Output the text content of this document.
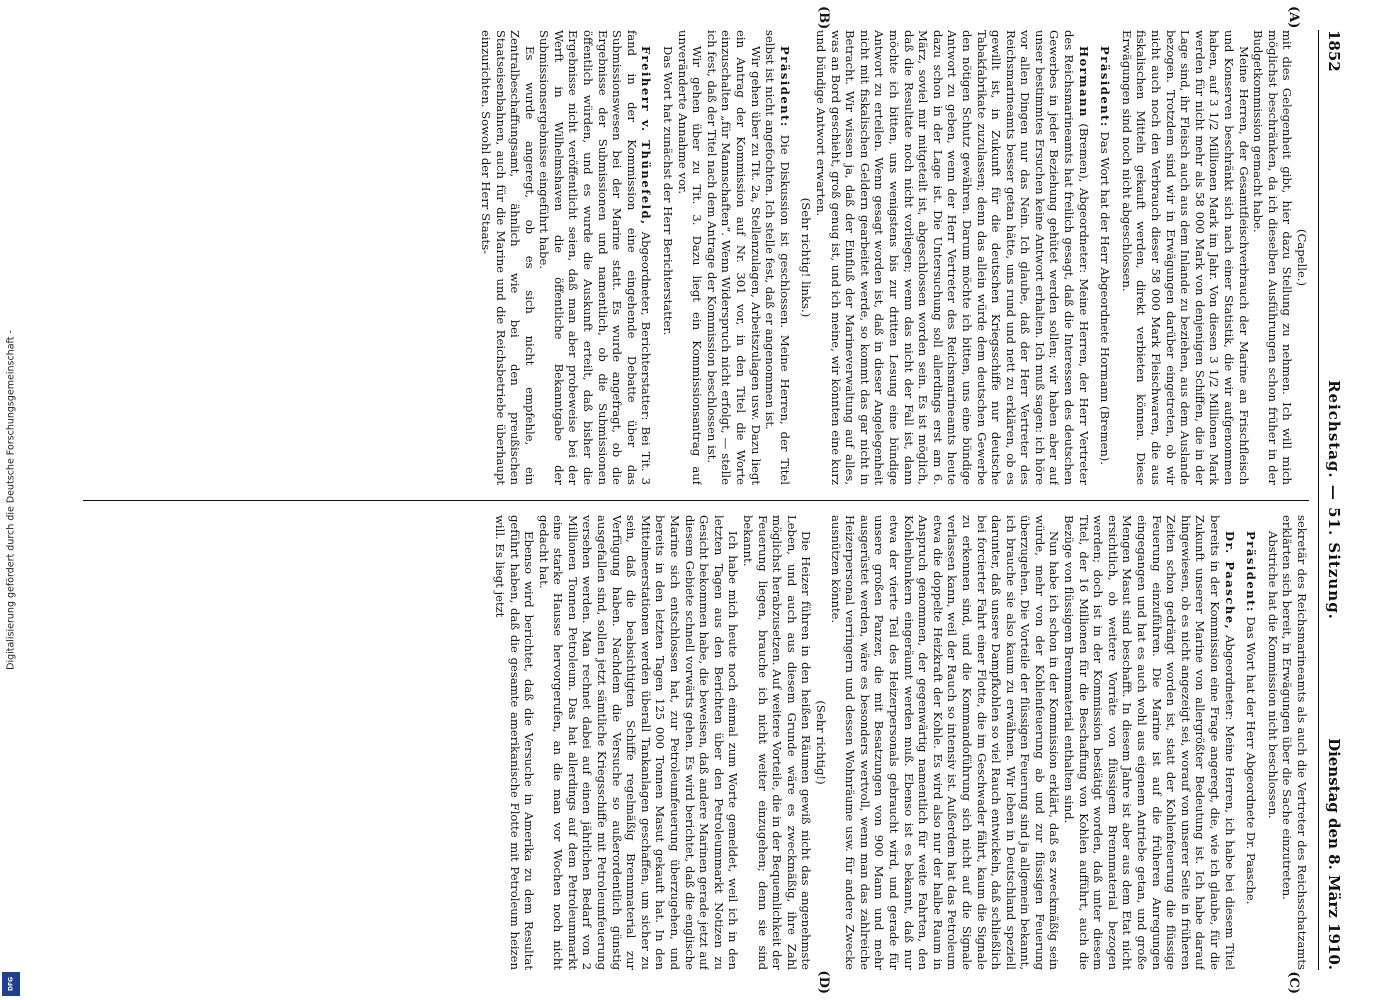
Digitalisierung gefördert durch die Deutsche Forschungsgemeinschaft -
DFG
1852
Reichstag. — 51. Sitzung.
Dienstag den 8. März 1910.
(A)
(B)
(C)
(D)

(Capelle.)

mit dies Gelegenheit gibt, hier dazu Stellung zu nehmen. Ich will mich möglichst beschränken, da ich dieselben Ausführungen schon früher in der Budgetkommission gemacht habe.

Meine Herren, der Gesamtfleischverbrauch der Marine an Frischfleisch und Konserven beschränkt sich nach einer Statistik, die wir aufgenommen haben, auf 3 1/2 Millionen Mark im Jahr. Von diesen 3 1/2 Millionen Mark werden für nicht mehr als 58 000 Mark von denjenigen Schiffen, die in der Lage sind, ihr Fleisch auch aus dem Inlande zu beziehen, aus dem Auslande bezogen. Trotzdem sind wir in Erwägungen darüber eingetreten, ob wir nicht auch noch den Verbrauch dieser 58 000 Mark Fleischwaren, die aus fiskalischen Mitteln gekauft werden, direkt verbieten können. Diese Erwägungen sind noch nicht abgeschlossen.

Präsident: Das Wort hat der Herr Abgeordnete Hormann (Bremen).

Hormann (Bremen), Abgeordneter: Meine Herren, der Herr Vertreter des Reichsmarineamts hat freilich gesagt, daß die Interessen des deutschen Gewerbes in jeder Beziehung gehütet werden sollen; wir haben aber auf unser bestimmtes Ersuchen keine Antwort erhalten. Ich muß sagen: ich höre vor allen Dingen nur das Nein. Ich glaube, daß der Herr Vertreter des Reichsmarineamts besser getan hätte, uns rund und nett zu erklären, ob es gewillt ist, in Zukunft für die deutschen Kriegsschiffe nur deutsche Tabakfabrikate zuzulassen; denn das allein würde dem deutschen Gewerbe den nötigen Schutz gewähren. Darum möchte ich bitten, uns eine bündige Antwort zu geben, wenn der Herr Vertreter des Reichsmarineamts heute dazu schon in der Lage ist. Die Untersuchung soll allerdings erst am 6. März, soviel mir mitgeteilt ist, abgeschlossen worden sein. Es ist möglich, daß die Resultate noch nicht vorliegen; wenn das nicht der Fall ist, dann möchte ich bitten, uns wenigstens bis zur dritten Lesung eine bündige Antwort zu erteilen. Wenn gesagt worden ist, daß in dieser Angelegenheit nicht mit fiskalischen Geldern gearbeitet werde, so kommt das gar nicht in Betracht. Wir wissen ja, daß der Einfluß der Marineverwaltung auf alles, was an Bord geschieht, groß genug ist, und ich meine, wir könnten eine kurz und bündige Antwort erwarten.

(Sehr richtig! links.)

Präsident: Die Diskussion ist geschlossen. Meine Herren, der Titel selbst ist nicht angefochten. Ich stelle fest, daß er angenommen ist.

Wir gehen über zu Tit. 2a, Stellenzulagen, Arbeitszulagen usw. Dazu liegt ein Antrag der Kommission auf Nr. 301 vor, in den Titel die Worte einzuschalten „für Mannschaften“. Wenn Widerspruch nicht erfolgt, — stelle ich fest, daß der Titel nach dem Antrage der Kommission beschlossen ist.

Wir gehen über zu Tit. 3. Dazu liegt ein Kommissionsantrag auf unveränderte Annahme vor.

Das Wort hat zunächst der Herr Berichterstatter.

Freiherr v. Thünefeld, Abgeordneter, Berichterstatter: Bei Tit. 3 fand in der Kommission eine eingehende Debatte über das Submissionswesen bei der Marine statt. Es wurde angefragt, ob die Ergebnisse der Submissionen und namentlich, ob die Submissionen öffentlich würden, und es wurde die Auskunft erteilt, daß bisher die Ergebnisse nicht veröffentlicht seien, daß man aber probeweise bei der Werft in Wilhelmshaven die öffentliche Bekanntgabe der Submissionsergebnisse eingeführt habe.

Es wurde angeregt, ob es sich nicht empfehle, ein Zentralbeschaffungsamt, ähnlich wie bei den preußischen Staatseisenbahnen, auch für die Marine und die Reichsbetriebe überhaupt einzurichten. Sowohl der Herr Staats-

sekretär des Reichsmarineamts als auch die Vertreter des Reichsschatzamts erklärten sich bereit, in Erwägungen über die Sache einzutreten.

Abstriche hat die Kommission nicht beschlossen.

Präsident: Das Wort hat der Herr Abgeordnete Dr. Paasche.

Dr. Paasche, Abgeordneter: Meine Herren, ich habe bei diesem Titel bereits in der Kommission eine Frage angeregt, die, wie ich glaube, für die Zukunft unserer Marine von allergrößter Bedeutung ist. Ich habe darauf hingewiesen, ob es nicht angezeigt sei, worauf von unserer Seite in früheren Zeiten schon gedrängt worden ist, statt der Kohlenfeuerung die flüssige Feuerung einzuführen. Die Marine ist auf die früheren Anregungen eingegangen und hat es auch wohl aus eigenem Antriebe getan, und große Mengen Masut sind beschafft. In diesem Jahre ist aber aus dem Etat nicht ersichtlich, ob weitere Vorräte von flüssigem Brennmaterial bezogen werden; doch ist in der Kommission bestätigt worden, daß unter diesem Titel, der 16 Millionen für die Beschaffung von Kohlen aufführt, auch die Bezüge von flüssigem Brennmaterial enthalten sind.

Nun habe ich schon in der Kommission erklärt, daß es zweckmäßig sein würde, mehr von der Kohlenfeuerung ab und zur flüssigen Feuerung überzugehen. Die Vorteile der flüssigen Feuerung sind ja allgemein bekannt, ich brauche sie also kaum zu erwähnen. Wir leben in Deutschland speziell darunter, daß unsere Dampfkohlen so viel Rauch entwickeln, daß schließlich bei forcierter Fahrt einer Flotte, die im Geschwader fährt, kaum die Signale zu erkennen sind, und die Kommandoführung sich nicht auf die Signale verlassen kann, weil der Rauch so intensiv ist. Außerdem hat das Petroleum etwa die doppelte Heizkraft der Kohle. Es wird also nur der halbe Raum in Anspruch genommen, der gegenwärtig namentlich für weite Fahrten, den Kohlenbunkern eingeräumt werden muß. Ebenso ist es bekannt, daß nur etwa der vierte Teil des Heizerpersonals gebraucht wird, und gerade für unsere großen Panzer, die mit Besatzungen von 900 Mann und mehr ausgerüstet werden, wäre es besonders wertvoll, wenn man das zahlreiche Heizerpersonal verringern und dessen Wohnräume usw. für andere Zwecke ausnützen könnte.

(Sehr richtig!)

Die Heizer führen in den heißen Räumen gewiß nicht das angenehmste Leben, und auch aus diesem Grunde wäre es zweckmäßig, ihre Zahl möglichst herabzusetzen. Auf weitere Vorteile, die in der Bequemlichkeit der Feuerung liegen, brauche ich nicht weiter einzugehen; denn sie sind bekannt.

Ich habe mich heute noch einmal zum Worte gemeldet, weil ich in den letzten Tagen aus den Berichten über den Petroleummarkt Notizen zu Gesicht bekommen habe, die beweisen, daß andere Marinen gerade jetzt auf diesem Gebiete schnell vorwärts gehen. Es wird berichtet, daß die englische Marine sich entschlossen hat, zur Petroleumfeuerung überzugehen, und bereits in den letzten Tagen 125 000 Tonnen Masut gekauft hat. In den Mittelmeerstationen werden überall Tankanlagen geschaffen, um sicher zu sein, daß die beabsichtigten Schiffe regelmäßig Brennmaterial zur Verfügung haben. Nachdem die Versuche so außerordentlich günstig ausgefallen sind, sollen jetzt sämtliche Kriegsschiffe mit Petroleumfeuerung versehen werden. Man rechnet dabei auf einen jährlichen Bedarf von 2 Millionen Tonnen Petroleum. Das hat allerdings auf dem Petroleummarkt eine starke Hausse hervorgerufen, an die man vor Wochen noch nicht gedacht hat.

Ebenso wird berichtet, daß die Versuche in Amerika zu dem Resultat geführt haben, daß die gesamte amerikanische Flotte mit Petroleum heizen will. Es liegt jetzt
